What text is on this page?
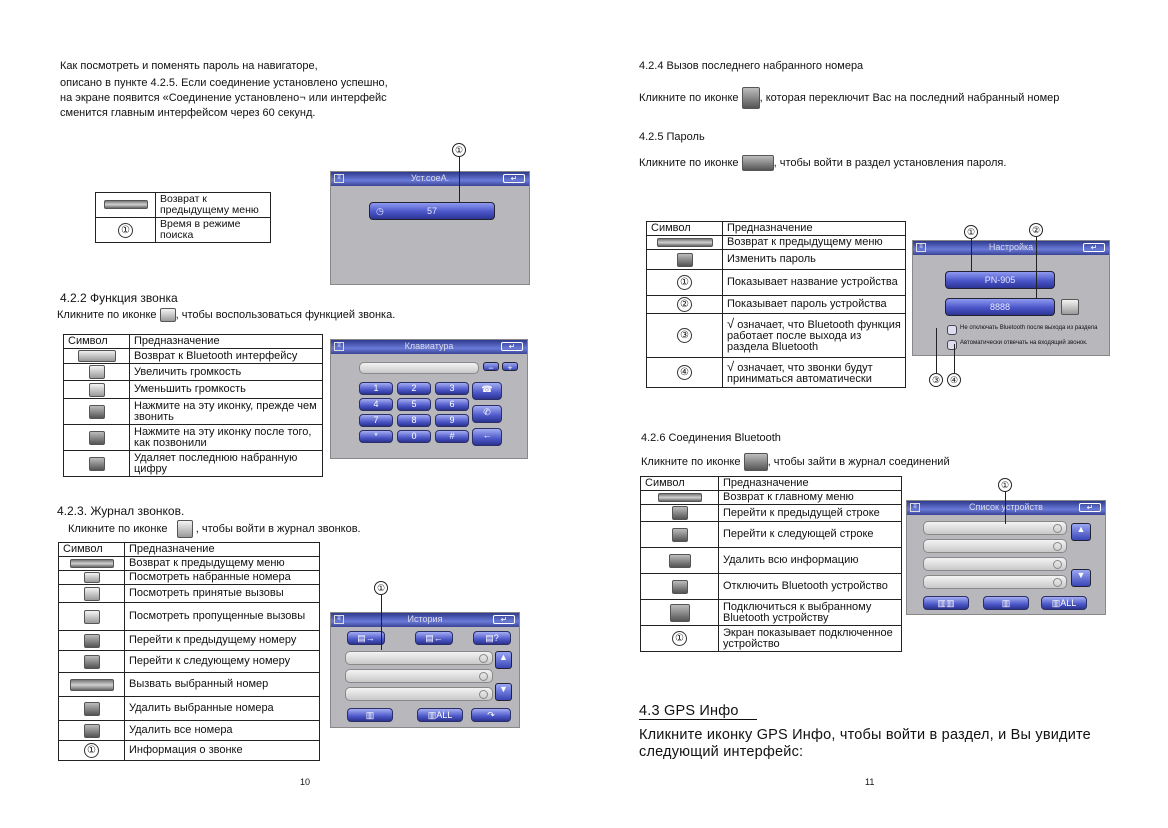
Как посмотреть и поменять пароль на навигаторе,
описано в пункте 4.2.5. Если соединение установлено успешно,
на экране появится «Соединение установлено¬ или интерфейс
сменится главным интерфейсом через 60 секунд.
	Возврат к предыдущему меню
①	Время в режиме поиска
Уст.соеА.
≡	↵
◷	57
①
4.2.2 Функция звонка
Кликните по иконке , чтобы воспользоваться функцией звонка.
Символ	Предназначение
	Возврат к Bluetooth интерфейсу
	Увеличить громкость
	Уменьшить громкость
	Нажмите на эту иконку, прежде чем звонить
	Нажмите на эту иконку после того, как позвонили
	Удаляет последнюю набранную цифру
Клавиатура
≡	↵
−	+
☎
✆
←
1	2	3
4	5	6
7	8	9
*	0	#
4.2.3. Журнал звонков.
Кликните по иконке	, чтобы войти в журнал звонков.
Символ	Предназначение
	Возврат к предыдущему меню
	Посмотреть набранные номера
	Посмотреть принятые вызовы
	Посмотреть пропущенные вызовы
	Перейти к предыдущему номеру
	Перейти к следующему номеру
	Вызвать выбранный номер
	Удалить выбранные номера
	Удалить все номера
①	Информация о звонке
История
≡	↵
▤→	▤←	▤?
▲
▼
▥	▥ALL	↷
①
10
4.2.4 Вызов последнего набранного номера
Кликните по иконке , которая переключит Вас на последний набранный номер
4.2.5 Пароль
Кликните по иконке	, чтобы войти в раздел установления пароля.
Символ	Предназначение
	Возврат к предыдущему меню
	Изменить пароль
①	Показывает название устройства
②	Показывает пароль устройства
③	√ означает, что Bluetooth функция работает после выхода из раздела Bluetooth
④	√ означает, что звонки будут приниматься автоматически
Настройка
≡	↵
PN-905
8888
Не отключать Bluetooth после выхода из раздела
Автоматически отвечать на входящий звонок.
①	②
③	④
4.2.6 Соединения Bluetooth
Кликните по иконке , чтобы зайти в журнал соединений
Символ	Предназначение
	Возврат к главному меню
	Перейти к предыдущей строке
	Перейти к следующей строке
	Удалить всю информацию
	Отключить Bluetooth устройство
	Подключиться к выбранному Bluetooth устройству
①	Экран показывает подключенное устройство
Список устройств
≡	↵
▲
▼
▥▥	▥	▥ALL
①
4.3 GPS Инфо
Кликните иконку GPS Инфо, чтобы войти в раздел, и Вы увидите
следующий интерфейс:
11
